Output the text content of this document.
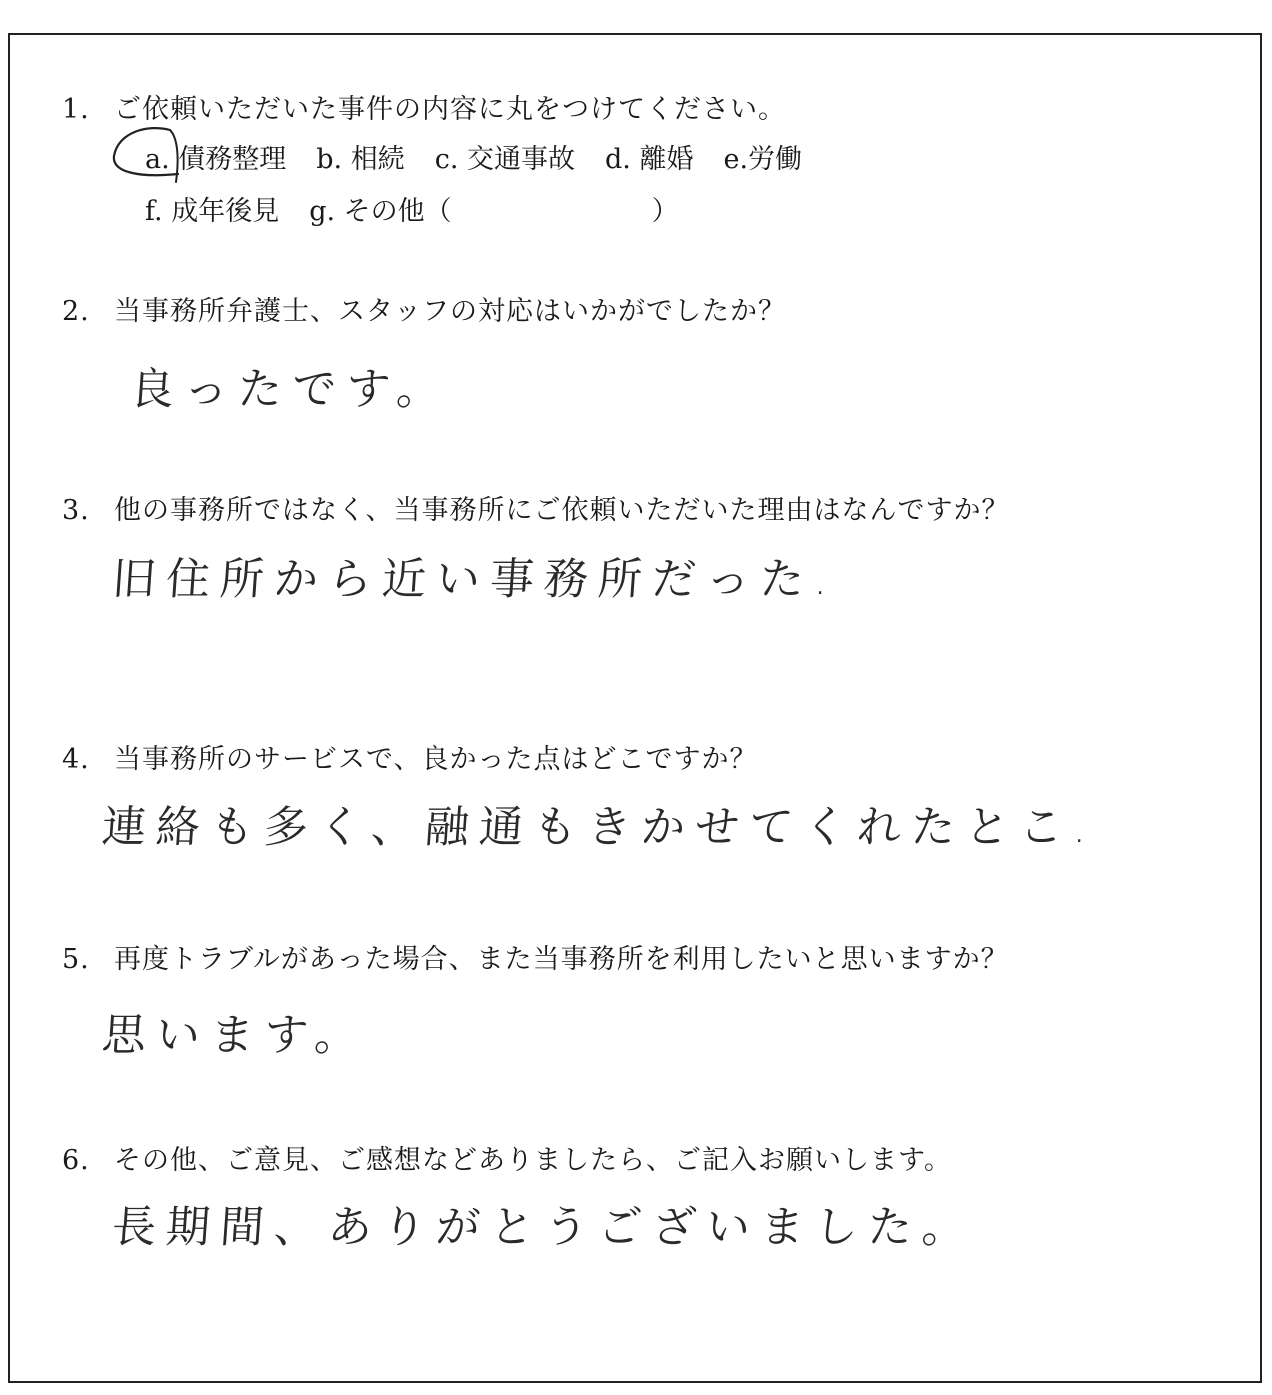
1. ご依頼いただいた事件の内容に丸をつけてください。
a. 債務整理 b. 相続 c. 交通事故 d. 離婚 e.労働
f. 成年後見 g. その他（	）
2. 当事務所弁護士、スタッフの対応はいかがでしたか？
良ったです。
3. 他の事務所ではなく、当事務所にご依頼いただいた理由はなんですか？
旧住所から近い事務所だった.
4. 当事務所のサービスで、良かった点はどこですか？
連絡も多く、融通もきかせてくれたとこ.
5. 再度トラブルがあった場合、また当事務所を利用したいと思いますか？
思います。
6. その他、ご意見、ご感想などありましたら、ご記入お願いします。
長期間、ありがとうございました。
